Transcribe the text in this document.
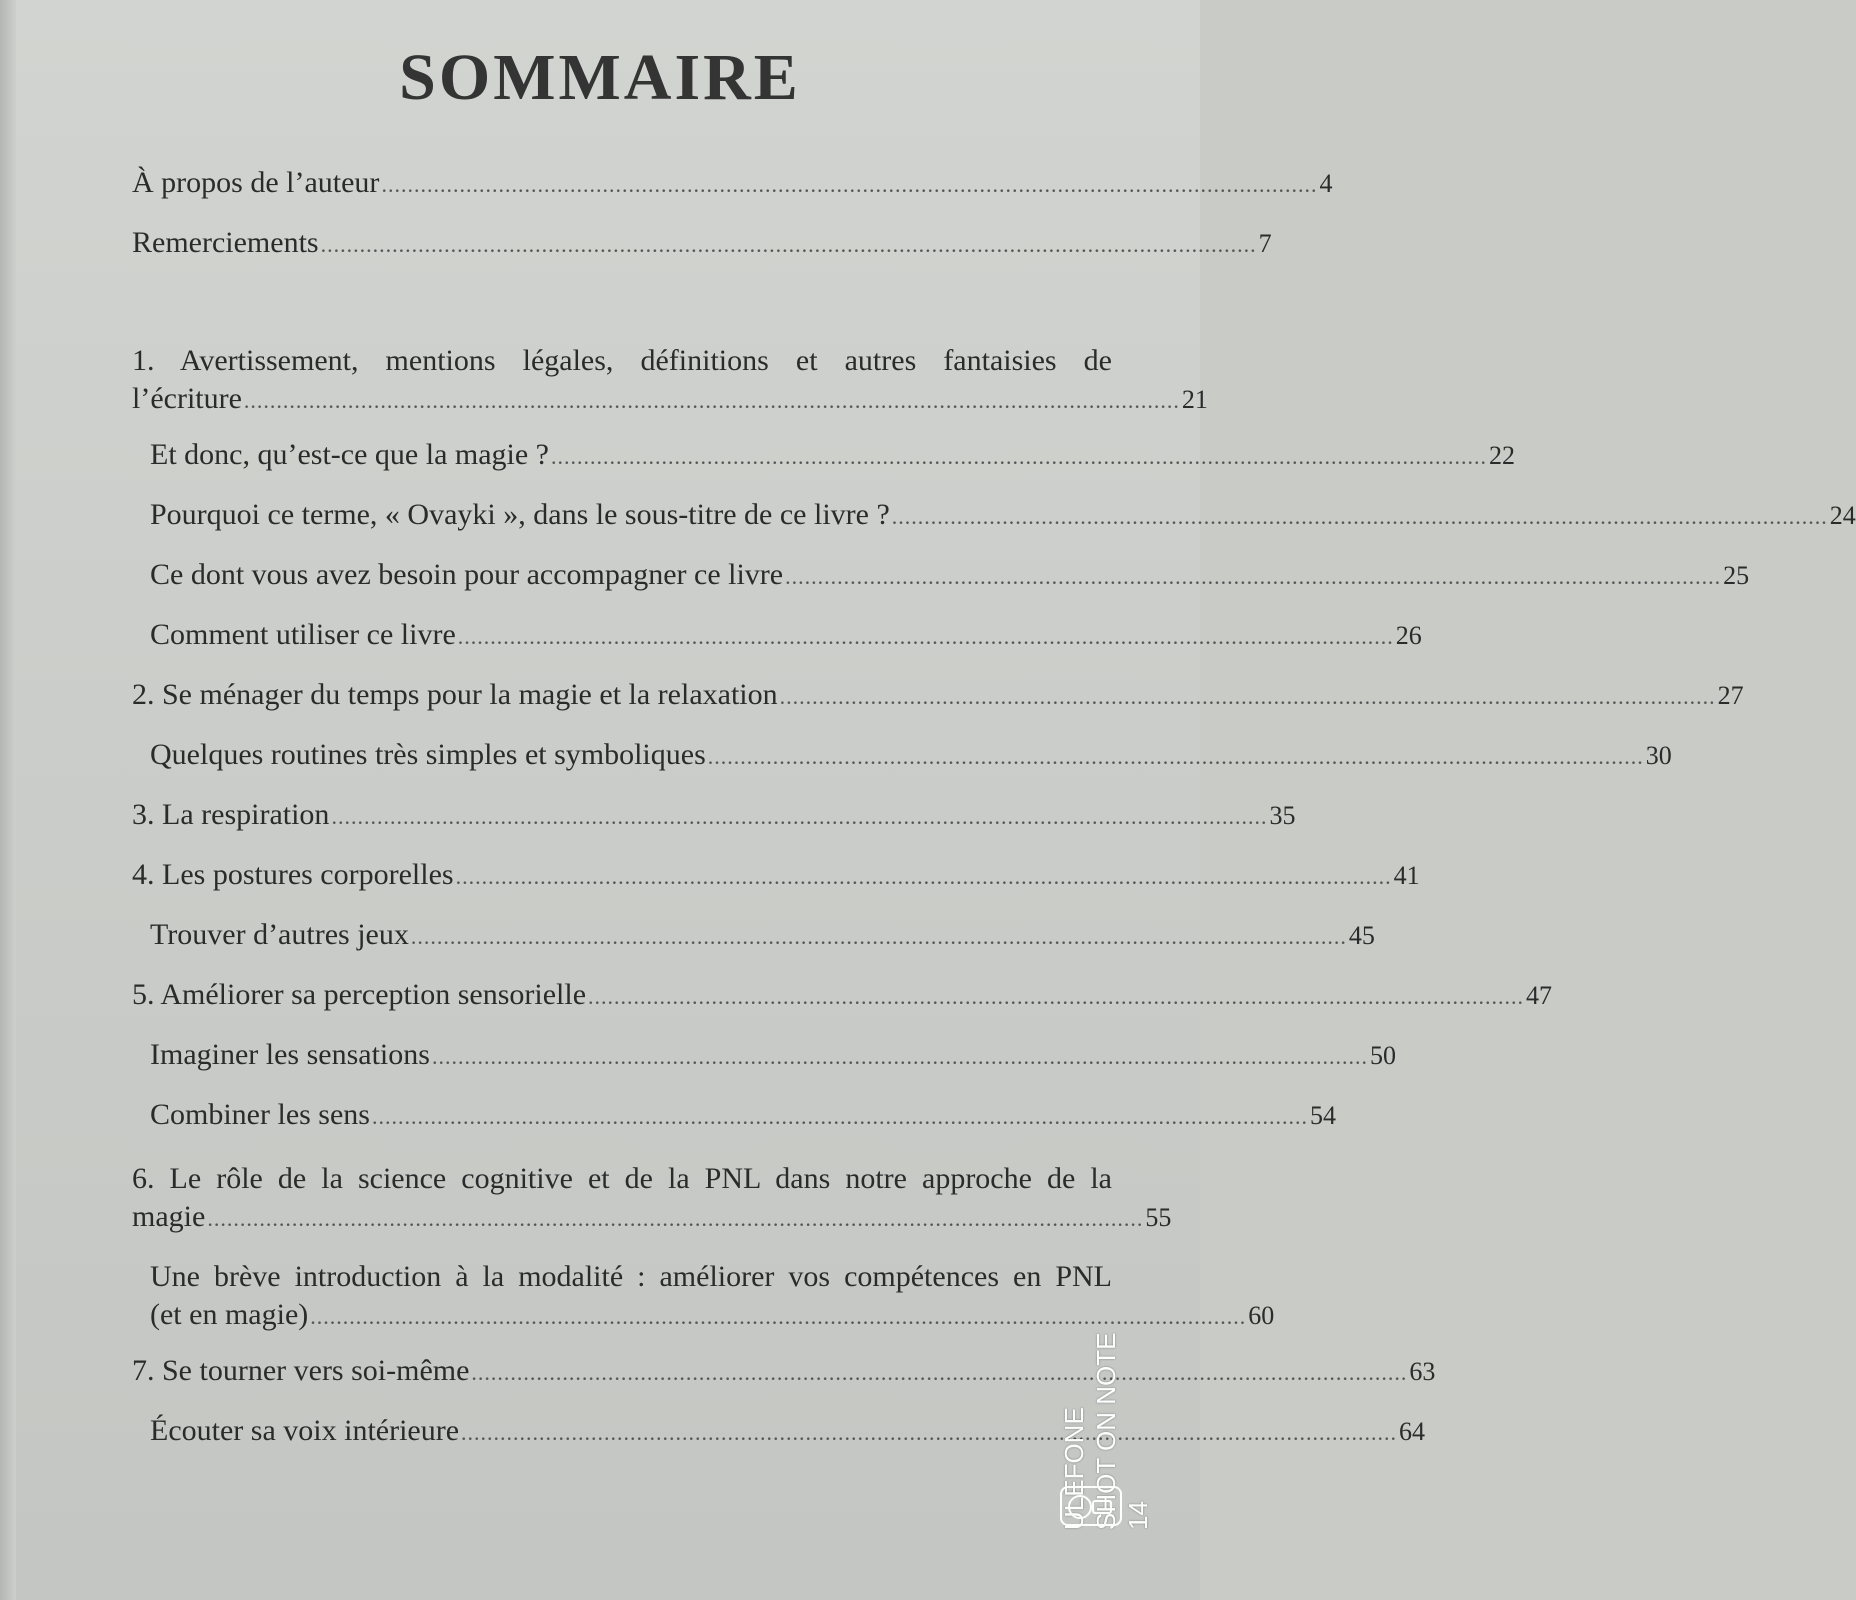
SOMMAIRE
À propos de l’auteur ................................................................................................................................................ 4
Remerciements ................................................................................................................................................ 7
1. Avertissement, mentions légales, définitions et autres fantaisies de
l’écriture ................................................................................................................................................ 21
Et donc, qu’est-ce que la magie ? ................................................................................................................................................ 22
Pourquoi ce terme, « Ovayki », dans le sous-titre de ce livre ? ................................................................................................................................................ 24
Ce dont vous avez besoin pour accompagner ce livre ................................................................................................................................................ 25
Comment utiliser ce livre ................................................................................................................................................ 26
2. Se ménager du temps pour la magie et la relaxation ................................................................................................................................................ 27
Quelques routines très simples et symboliques ................................................................................................................................................ 30
3. La respiration ................................................................................................................................................ 35
4. Les postures corporelles ................................................................................................................................................ 41
Trouver d’autres jeux ................................................................................................................................................ 45
5. Améliorer sa perception sensorielle ................................................................................................................................................ 47
Imaginer les sensations ................................................................................................................................................ 50
Combiner les sens ................................................................................................................................................ 54
6. Le rôle de la science cognitive et de la PNL dans notre approche de la
magie ................................................................................................................................................ 55
Une brève introduction à la modalité : améliorer vos compétences en PNL
(et en magie) ................................................................................................................................................ 60
7. Se tourner vers soi-même ................................................................................................................................................ 63
Écouter sa voix intérieure ................................................................................................................................................ 64
ULEFONE SHOT ON NOTE 14
